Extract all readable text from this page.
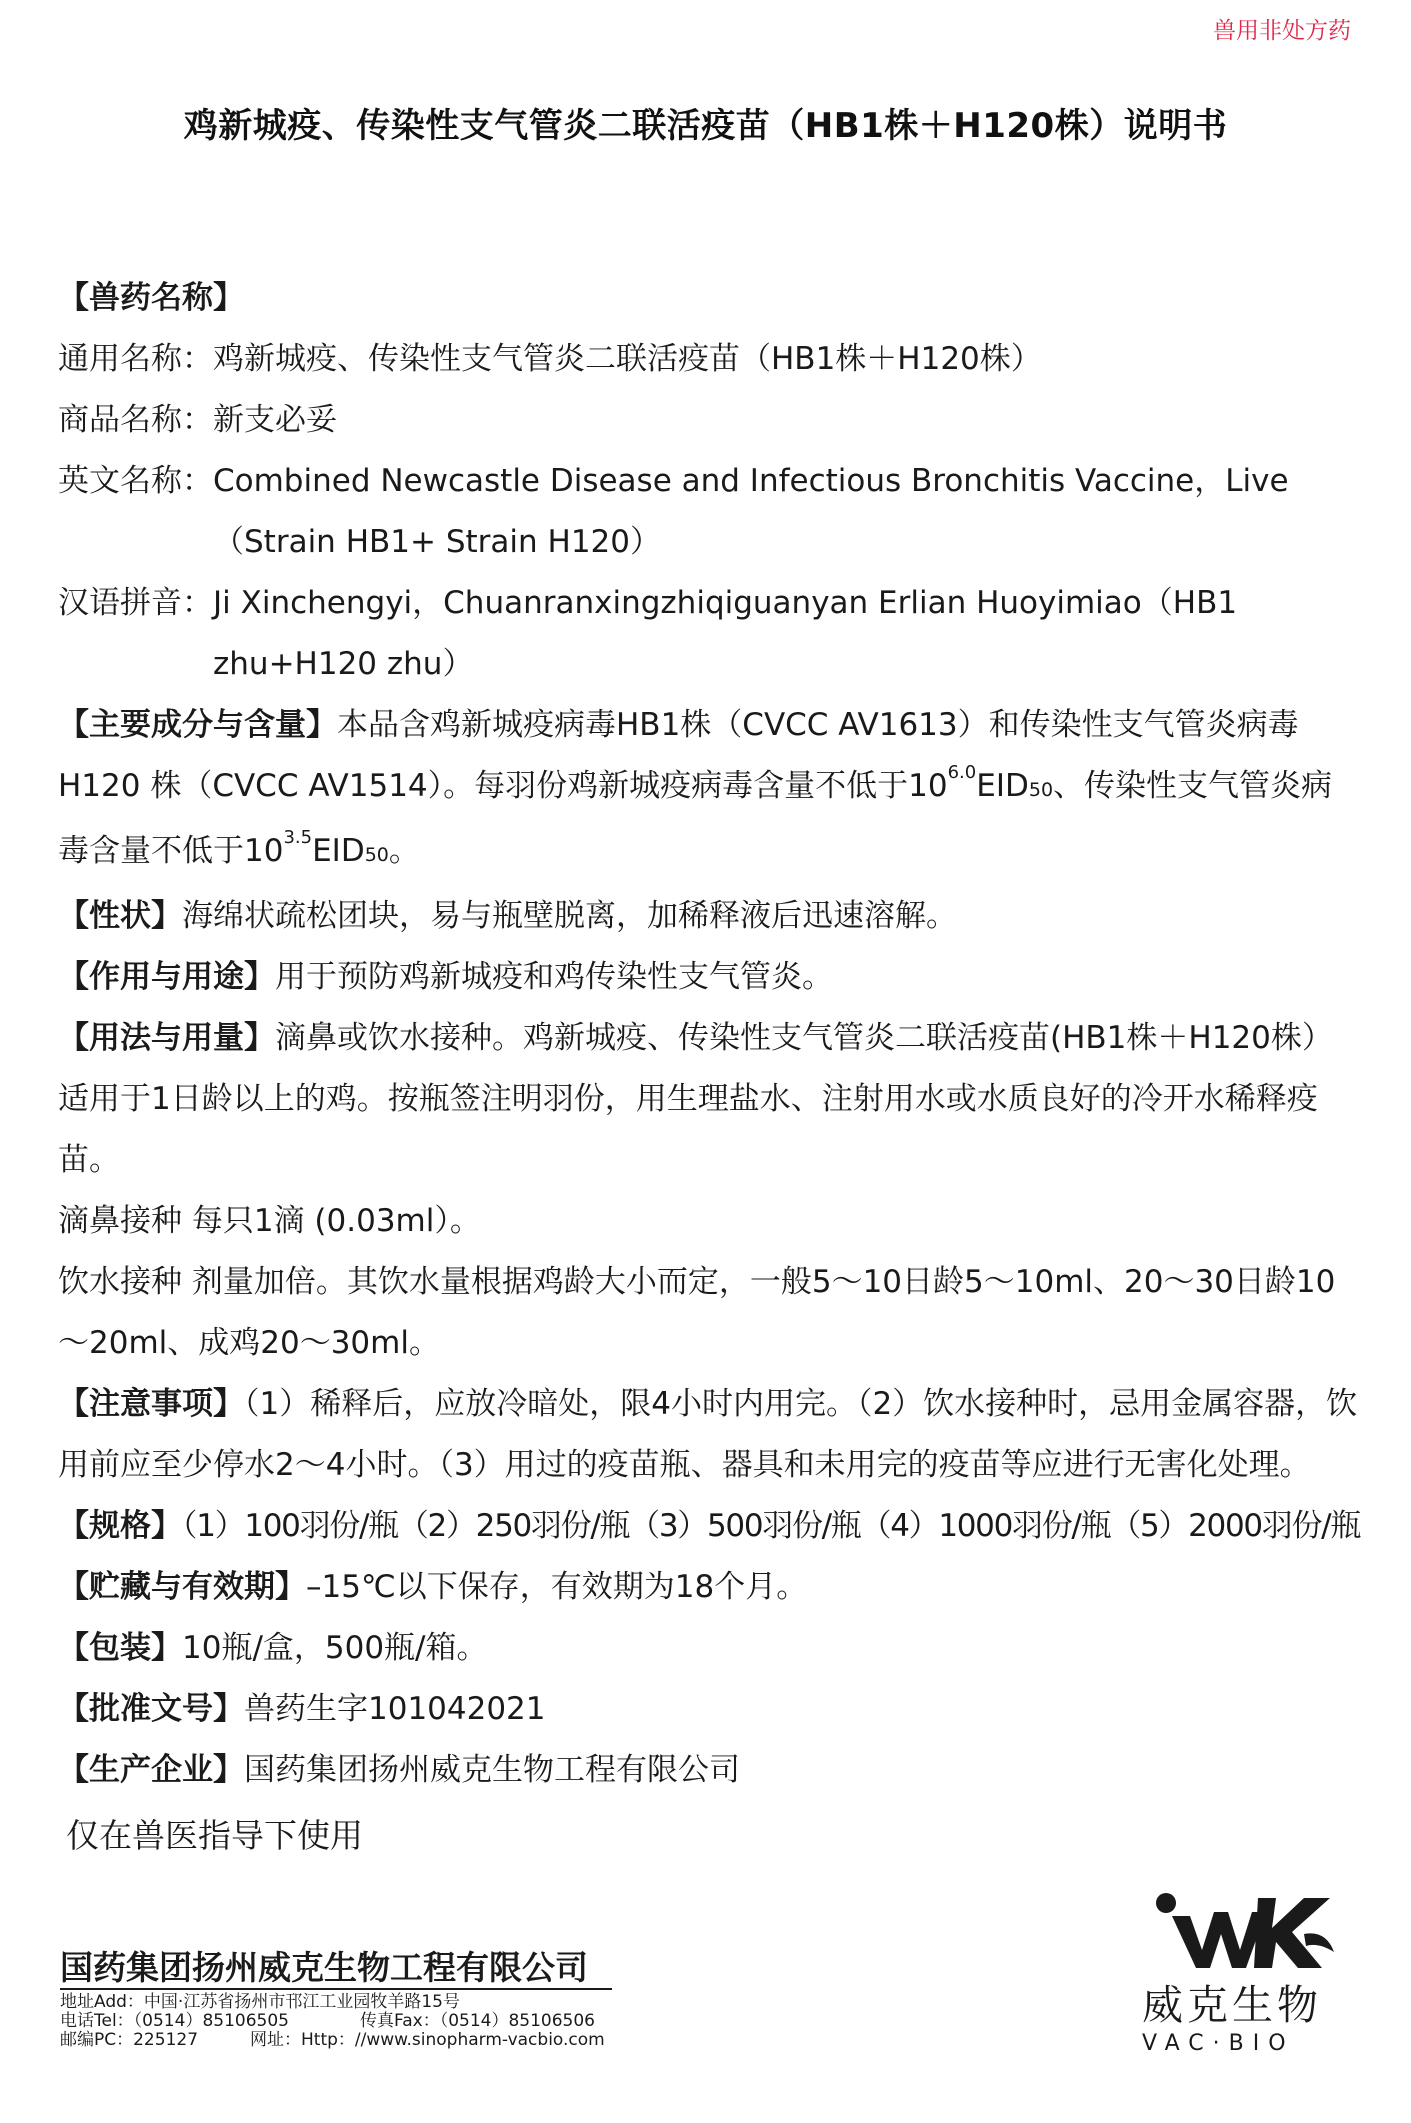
兽用非处方药
鸡新城疫、传染性支气管炎二联活疫苗（HB1株＋H120株）说明书
【兽药名称】
通用名称： 鸡新城疫、传染性支气管炎二联活疫苗（HB1株＋H120株）
商品名称： 新支必妥
英文名称： Combined Newcastle Disease and Infectious Bronchitis Vaccine，Live（Strain HB1+ Strain H120）
汉语拼音： Ji Xinchengyi，Chuanranxingzhiqiguanyan Erlian Huoyimiao（HB1 zhu+H120 zhu）
【主要成分与含量】本品含鸡新城疫病毒HB1株（CVCC AV1613）和传染性支气管炎病毒H120 株（CVCC AV1514）。每羽份鸡新城疫病毒含量不低于$10^{6.0}EID50$、传染性支气管炎病毒含量不低于$10^{3.5}EID50$。
【性状】海绵状疏松团块，易与瓶壁脱离，加稀释液后迅速溶解。
【作用与用途】用于预防鸡新城疫和鸡传染性支气管炎。
【用法与用量】滴鼻或饮水接种。鸡新城疫、传染性支气管炎二联活疫苗(HB1株＋H120株）适用于1日龄以上的鸡。按瓶签注明羽份，用生理盐水、注射用水或水质良好的冷开水稀释疫苗。
滴鼻接种 每只1滴 (0.03ml）。
饮水接种 剂量加倍。其饮水量根据鸡龄大小而定，一般5～10日龄5～10ml、20～30日龄10～20ml、成鸡20～30ml。
【注意事项】（1）稀释后，应放冷暗处，限4小时内用完。（2）饮水接种时，忌用金属容器，饮用前应至少停水2～4小时。（3）用过的疫苗瓶、器具和未用完的疫苗等应进行无害化处理。
【规格】（1）100羽份/瓶（2）250羽份/瓶（3）500羽份/瓶（4）1000羽份/瓶（5）2000羽份/瓶
【贮藏与有效期】–15℃以下保存，有效期为18个月。
【包装】10瓶/盒，500瓶/箱。
【批准文号】兽药生字101042021
【生产企业】国药集团扬州威克生物工程有限公司
仅在兽医指导下使用
国药集团扬州威克生物工程有限公司
地址Add：中国·江苏省扬州市邗江工业园牧羊路15号
电话Tel：（0514）85106505	传真Fax：（0514）85106506
邮编PC：225127	网址：Http：//www.sinopharm-vacbio.com
威克生物
VAC·BIO
